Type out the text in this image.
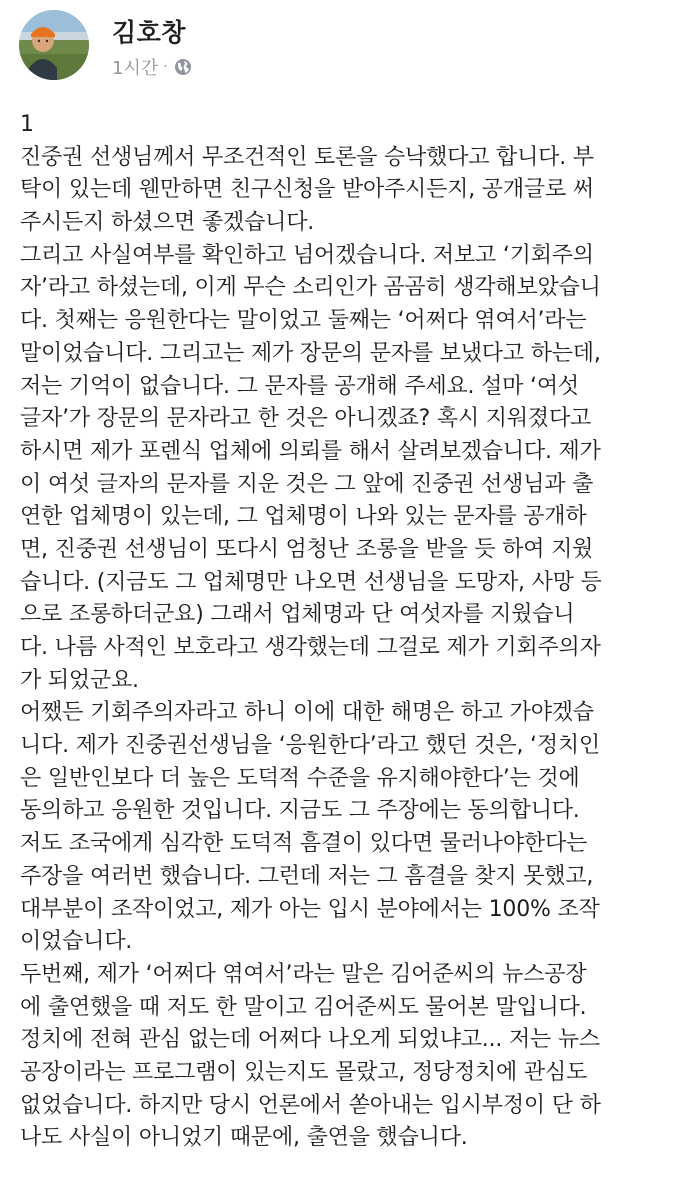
김호창
1시간 ·
1
진중권 선생님께서 무조건적인 토론을 승낙했다고 합니다. 부
탁이 있는데 웬만하면 친구신청을 받아주시든지, 공개글로 써
주시든지 하셨으면 좋겠습니다.
그리고 사실여부를 확인하고 넘어겠습니다. 저보고 ‘기회주의
자’라고 하셨는데, 이게 무슨 소리인가 곰곰히 생각해보았습니
다. 첫째는 응원한다는 말이었고 둘째는 ‘어쩌다 엮여서’라는
말이었습니다. 그리고는 제가 장문의 문자를 보냈다고 하는데,
저는 기억이 없습니다. 그 문자를 공개해 주세요. 설마 ‘여섯
글자’가 장문의 문자라고 한 것은 아니겠죠? 혹시 지워졌다고
하시면 제가 포렌식 업체에 의뢰를 해서 살려보겠습니다. 제가
이 여섯 글자의 문자를 지운 것은 그 앞에 진중권 선생님과 출
연한 업체명이 있는데, 그 업체명이 나와 있는 문자를 공개하
면, 진중권 선생님이 또다시 엄청난 조롱을 받을 듯 하여 지웠
습니다. (지금도 그 업체명만 나오면 선생님을 도망자, 사망 등
으로 조롱하더군요) 그래서 업체명과 단 여섯자를 지웠습니
다. 나름 사적인 보호라고 생각했는데 그걸로 제가 기회주의자
가 되었군요.
어쨌든 기회주의자라고 하니 이에 대한 해명은 하고 가야겠습
니다. 제가 진중권선생님을 ‘응원한다’라고 했던 것은, ‘정치인
은 일반인보다 더 높은 도덕적 수준을 유지해야한다’는 것에
동의하고 응원한 것입니다. 지금도 그 주장에는 동의합니다.
저도 조국에게 심각한 도덕적 흠결이 있다면 물러나야한다는
주장을 여러번 했습니다. 그런데 저는 그 흠결을 찾지 못했고,
대부분이 조작이었고, 제가 아는 입시 분야에서는 100% 조작
이었습니다.
두번째, 제가 ‘어쩌다 엮여서’라는 말은 김어준씨의 뉴스공장
에 출연했을 때 저도 한 말이고 김어준씨도 물어본 말입니다.
정치에 전혀 관심 없는데 어쩌다 나오게 되었냐고... 저는 뉴스
공장이라는 프로그램이 있는지도 몰랐고, 정당정치에 관심도
없었습니다. 하지만 당시 언론에서 쏟아내는 입시부정이 단 하
나도 사실이 아니었기 때문에, 출연을 했습니다.
